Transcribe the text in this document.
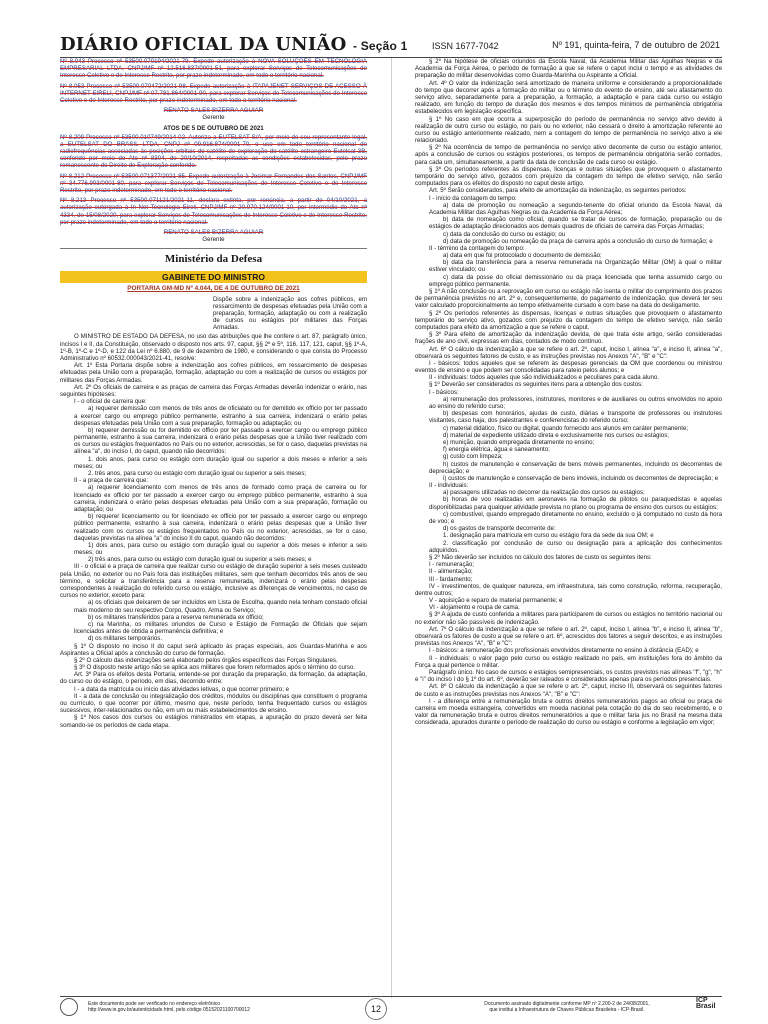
DIÁRIO OFICIAL DA UNIÃO - Seção 1	ISSN 1677-7042	Nº 191, quinta-feira, 7 de outubro de 2021

Nº 8.043 Processo nº 53500.070194/2021-79. Expede autorização à NOVA SOLUÇÕES EM TECNOLOGIA EMPRESARIAL LTDA, CNPJ/MF nº 12.516.837/0001-51, para explorar Serviços de Telecomunicações de Interesse Coletivo e de Interesse Restrito, por prazo indeterminado, em todo o território nacional.

Nº 8.053 Processo nº 53500.070472/2021-98. Expede autorização à ITAPAJENET SERVIÇOS DE ACESSO À INTERNET EIRELI, CNPJ/MF nº 07.781.864/0001-90, para explorar Serviços de Telecomunicações de Interesse Coletivo e de Interesse Restrito, por prazo indeterminado, em todo o território nacional.

RENATO SALES BIZERRA AGUIAR

Gerente

ATOS DE 5 DE OUTUBRO DE 2021

Nº 8.209 Processo nº 53500.010749/2014-02. Autoriza a EUTELSAT S/A, por meio de seu representante legal, a EUTELSAT DO BRASIL LTDA, CNPJ nº 09.916.874/0001-70, o uso em todo território nacional de radiofrequências associadas às posições orbitais do satélite de exploração do satélite estrangeiro Eutelsat 3B, conferido por meio do Ato nº 8304, de 20/10/2014, respeitadas as condições estabelecidas, pelo prazo remanescente do Direito de Exploração conferido.

Nº 8.212 Processo nº 53500.071377/2021-85. Expede autorização à Josimar Fernandes dos Santos, CNPJ/MF nº 34.776.903/0001-80, para explorar Serviços de Telecomunicações de Interesse Coletivo e de Interesse Restrito, por prazo indeterminado, em todo o território nacional.

Nº 8.213 Processo nº 53500.071121/2021-11, declara extinta, por renúncia, a partir de 04/10/2021, a autorização outorgada à In Net Tecnologia Eireli, CNPJ/MF nº 20.970.124/0001-10, por intermédio do Ato nº 4334, de 15/08/2020, para explorar Serviços de Telecomunicações de Interesse Coletivo e de Interesse Restrito, por prazo indeterminado, em todo o território nacional.

RENATO SALES BIZERRA AGUIAR

Gerente

Ministério da Defesa

GABINETE DO MINISTRO

PORTARIA GM-MD Nº 4.044, DE 4 DE OUTUBRO DE 2021

Dispõe sobre a indenização aos cofres públicos, em ressarcimento de despesas efetuadas pela União com a preparação, formação, adaptação ou com a realização de cursos ou estágios por militares das Forças Armadas.

O MINISTRO DE ESTADO DA DEFESA, no uso das atribuições que lhe confere o art. 87, parágrafo único, incisos I e II, da Constituição, observado o disposto nos arts. 97, caput, §§ 2º e 5º, 116, 117, 121, caput, §§ 1º-A, 1º-B, 1º-C e 1º-D, e 122 da Lei nº 6.880, de 9 de dezembro de 1980, e considerando o que consta do Processo Administrativo nº 60532.000043/2021-41, resolve:

Art. 1º Esta Portaria dispõe sobre a indenização aos cofres públicos, em ressarcimento de despesas efetuadas pela União com a preparação, formação, adaptação ou com a realização de cursos ou estágios por militares das Forças Armadas.

Art. 2º Os oficiais de carreira e as praças de carreira das Forças Armadas deverão indenizar o erário, nas seguintes hipóteses:

I - o oficial de carreira que:

a) requerer demissão com menos de três anos de oficialato ou for demitido ex officio por ter passado a exercer cargo ou emprego público permanente, estranho à sua carreira, indenizará o erário pelas despesas efetuadas pela União com a sua preparação, formação ou adaptação; ou

b) requerer demissão ou for demitido ex officio por ter passado a exercer cargo ou emprego público permanente, estranho à sua carreira, indenizará o erário pelas despesas que a União tiver realizado com os cursos ou estágios frequentados no País ou no exterior, acrescidas, se for o caso, daquelas previstas na alínea "a", do inciso I, do caput, quando não decorridos:

1. dois anos, para curso ou estágio com duração igual ou superior a dois meses e inferior a seis meses; ou

2. três anos, para curso ou estágio com duração igual ou superior a seis meses;

II - a praça de carreira que:

a) requerer licenciamento com menos de três anos de formado como praça de carreira ou for licenciado ex officio por ter passado a exercer cargo ou emprego público permanente, estranho à sua carreira, indenizará o erário pelas despesas efetuadas pela União com a sua preparação, formação ou adaptação; ou

b) requerer licenciamento ou for licenciado ex officio por ter passado a exercer cargo ou emprego público permanente, estranho à sua carreira, indenizará o erário pelas despesas que a União tiver realizado com os cursos ou estágios frequentados no País ou no exterior, acrescidas, se for o caso, daquelas previstas na alínea "a" do inciso II do caput, quando não decorridos:

1) dois anos, para curso ou estágio com duração igual ou superior a dois meses e inferior a seis meses; ou

2) três anos, para curso ou estágio com duração igual ou superior a seis meses; e

III - o oficial e a praça de carreira que realizar curso ou estágio de duração superior a seis meses custeado pela União, no exterior ou no País fora das instituições militares, sem que tenham decorridos três anos de seu término, e solicitar a transferência para a reserva remunerada, indenizará o erário pelas despesas correspondentes à realização do referido curso ou estágio, inclusive as diferenças de vencimentos, no caso de cursos no exterior, exceto para:

a) os oficiais que deixarem de ser incluídos em Lista de Escolha, quando nela tenham constado oficial mais moderno do seu respectivo Corpo, Quadro, Arma ou Serviço;

b) os militares transferidos para a reserva remunerada ex officio;

c) na Marinha, os militares oriundos de Curso e Estágio de Formação de Oficiais que sejam licenciados antes de obtida a permanência definitiva; e

d) os militares temporários.

§ 1º O disposto no inciso II do caput será aplicado às praças especiais, aos Guardas-Marinha e aos Aspirantes a Oficial após a conclusão do curso de formação.

§ 2º O cálculo das indenizações será elaborado pelos órgãos específicos das Forças Singulares.

§ 3º O disposto neste artigo não se aplica aos militares que forem reformados após o término do curso.

Art. 3º Para os efeitos desta Portaria, entende-se por duração da preparação, da formação, da adaptação, do curso ou do estágio, o período, em dias, decorrido entre:

I - a data da matrícula ou início das atividades letivas, o que ocorrer primeiro; e

II - a data de conclusão ou integralização dos créditos, módulos ou disciplinas que constituem o programa ou currículo, o que ocorrer por último, mesmo que, neste período, tenha frequentado cursos ou estágios sucessivos, inter-relacionados ou não, em um ou mais estabelecimentos de ensino.

§ 1º Nos casos dos cursos ou estágios ministrados em etapas, a apuração do prazo deverá ser feita somando-se os períodos de cada etapa.

§ 2º Na hipótese de oficiais oriundos da Escola Naval, da Academia Militar das Agulhas Negras e da Academia da Força Aérea, o período de formação a que se refere o caput inclui o tempo e as atividades de preparação do militar desenvolvidas como Guarda-Marinha ou Aspirante a Oficial.

Art. 4º O valor da indenização será amortizado de maneira uniforme e considerando a proporcionalidade do tempo que decorrer após a formação do militar ou o término do evento de ensino, até seu afastamento do serviço ativo, separadamente para a preparação, a formação, a adaptação e para cada curso ou estágio realizado, em função do tempo de duração dos mesmos e dos tempos mínimos de permanência obrigatória estabelecidos em legislação específica.

§ 1º No caso em que ocorra a superposição do período de permanência no serviço ativo devido à realização de outro curso ou estágio, no país ou no exterior, não cessará o direito à amortização referente ao curso ou estágio anteriormente realizado, nem a contagem do tempo de permanência no serviço ativo a ele relacionado.

§ 2º Na ocorrência de tempo de permanência no serviço ativo decorrente de curso ou estágio anterior, após a conclusão de cursos ou estágios posteriores, os tempos de permanência obrigatória serão contados, para cada um, simultaneamente, a partir da data de conclusão de cada curso ou estágio.

§ 3º Os períodos referentes às dispensas, licenças e outras situações que provoquem o afastamento temporário do serviço ativo, gozados com prejuízo da contagem do tempo de efetivo serviço, não serão computados para os efeitos do disposto no caput deste artigo.

Art. 5º Serão considerados, para efeito de amortização da indenização, os seguintes períodos:

I - início da contagem do tempo:

a) data de promoção ou nomeação a segundo-tenente do oficial oriundo da Escola Naval, da Academia Militar das Agulhas Negras ou da Academia da Força Aérea;

b) data de nomeação como oficial, quando se tratar de cursos de formação, preparação ou de estágios de adaptação direcionados aos demais quadros de oficiais de carreira das Forças Armadas;

c) data da conclusão do curso ou estágio; ou

d) data de promoção ou nomeação da praça de carreira após a conclusão do curso de formação; e

II - término da contagem do tempo:

a) data em que foi protocolado o documento de demissão;

b) data da transferência para a reserva remunerada na Organização Militar (OM) à qual o militar estiver vinculado; ou

c) data da posse do oficial demissionário ou da praça licenciada que tenha assumido cargo ou emprego público permanente.

§ 1º A não conclusão ou a reprovação em curso ou estágio não isenta o militar do cumprimento dos prazos de permanência previstos no art. 2º e, consequentemente, do pagamento de indenização, que deverá ter seu valor calculado proporcionalmente ao tempo efetivamente cursado e com base na data do desligamento.

§ 2º Os períodos referentes às dispensas, licenças e outras situações que provoquem o afastamento temporário do serviço ativo, gozados com prejuízo da contagem do tempo de efetivo serviço, não serão computados para efeito da amortização a que se refere o caput.

§ 3º Para efeito de amortização da indenização devida, de que trata este artigo, serão consideradas frações de ano civil, expressas em dias, contados de modo contínuo.

Art. 6º O cálculo da indenização a que se refere o art. 2º, caput, inciso I, alínea "a", e inciso II, alínea "a", observará os seguintes fatores de custo, e as instruções previstas nos Anexos "A", "B" e "C":

I - básicos: todos aqueles que se referem às despesas gerenciais da OM que coordenou ou ministrou eventos de ensino e que podem ser consolidadas para rateio pelos alunos; e

II - individuais: todos aqueles que são individualizados e peculiares para cada aluno.

§ 1º Deverão ser considerados os seguintes itens para a obtenção dos custos:

I - básicos:

a) remuneração dos professores, instrutores, monitores e de auxiliares ou outros envolvidos no apoio ao ensino do referido curso;

b) despesas com honorários, ajudas de custo, diárias e transporte de professores ou instrutores visitantes, caso haja, dos palestrantes e conferencistas do referido curso;

c) material didático, físico ou digital, quando fornecido aos alunos em caráter permanente;

d) material de expediente utilizado direta e exclusivamente nos cursos ou estágios;

e) munição, quando empregada diretamente no ensino;

f) energia elétrica, água e saneamento;

g) custo com limpeza;

h) custos de manutenção e conservação de bens móveis permanentes, incluindo os decorrentes de depreciação; e

i) custos de manutenção e conservação de bens imóveis, incluindo os decorrentes de depreciação; e

II - individuais:

a) passagens utilizadas no decorrer da realização dos cursos ou estágios;

b) horas de voo realizadas em aeronaves na formação de pilotos ou paraquedistas e aquelas disponibilizadas para qualquer atividade prevista no plano ou programa de ensino dos cursos ou estágios;

c) combustível, quando empregado diretamente no ensino, excluído o já computado no custo da hora de voo; e

d) os gastos de transporte decorrente de:

1. designação para matrícula em curso ou estágio fora da sede da sua OM; e

2. classificação por conclusão de curso ou designação para a aplicação dos conhecimentos adquiridos.

§ 2º Não deverão ser incluídos no cálculo dos fatores de custo os seguintes itens:

I - remuneração;

II - alimentação;

III - fardamento;

IV - investimentos, de qualquer natureza, em infraestrutura, tais como construção, reforma, recuperação, dentre outros;

V - aquisição e reparo de material permanente; e

VI - alojamento e roupa de cama.

§ 3º A ajuda de custo conferida a militares para participarem de cursos ou estágios no território nacional ou no exterior não são passíveis de indenização.

Art. 7º O cálculo da indenização a que se refere o art. 2º, caput, inciso I, alínea "b", e inciso II, alínea "b", observará os fatores de custo a que se refere o art. 6º, acrescidos dos fatores a seguir descritos, e as instruções previstas nos Anexos "A", "B" e "C":

I - básicos: a remuneração dos profissionais envolvidos diretamente no ensino à distância (EAD); e

II - individuais: o valor pago pelo curso ou estágio realizado no país, em instituições fora do âmbito da Força a qual pertence o militar.

Parágrafo único. No caso de cursos e estágios semipresenciais, os custos previstos nas alíneas "f", "g", "h" e "i" do inciso I do § 1º do art. 6º, deverão ser rateados e considerados apenas para os períodos presenciais.

Art. 8º O cálculo da indenização a que se refere o art. 2º, caput, inciso III, observará os seguintes fatores de custo e as instruções previstas nos Anexos "A", "B" e "C":

I - a diferença entre a remuneração bruta e outros direitos remuneratórios pagos ao oficial ou praça de carreira em moeda estrangeira, convertidos em moeda nacional pela cotação do dia do seu recebimento, e o valor da remuneração bruta e outros direitos remuneratórios a que o militar faria jus no Brasil na mesma data considerada, apurados durante o período de realização do curso ou estágio e conforme a legislação em vigor;

Este documento pode ser verificado no endereço eletrônico
http://www.in.gov.br/autenticidade.html, pelo código 05152021100700012	12	Documento assinado digitalmente conforme MP nº 2.200-2 de 24/08/2001,
que institui a Infraestrutura de Chaves Públicas Brasileira - ICP-Brasil.
ICP
Brasil
